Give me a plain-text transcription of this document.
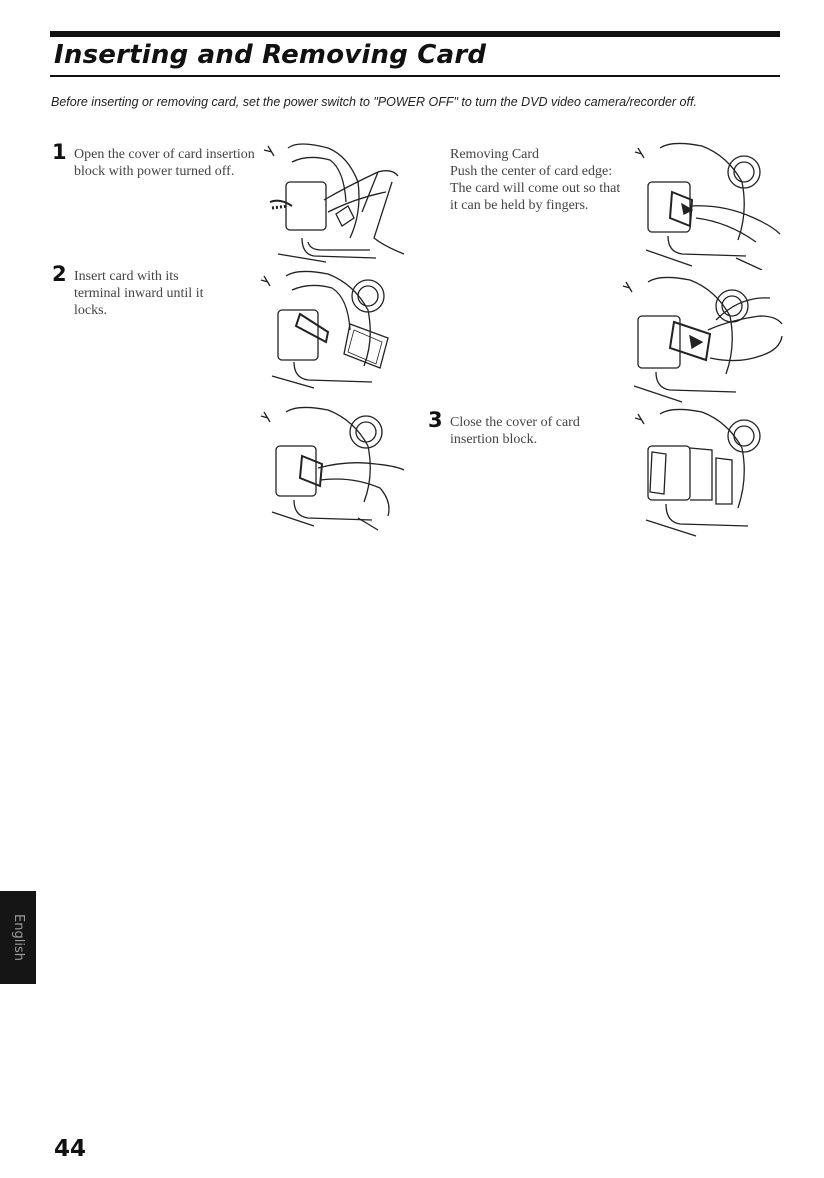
Inserting and Removing Card

Before inserting or removing card, set the power switch to "POWER OFF" to turn the DVD video camera/recorder off.

1 Open the cover of card insertion block with power turned off.
2 Insert card with its terminal inward until it locks.
Removing Card
Push the center of card edge: The card will come out so that it can be held by fingers.
3 Close the cover of card insertion block.
English
44
